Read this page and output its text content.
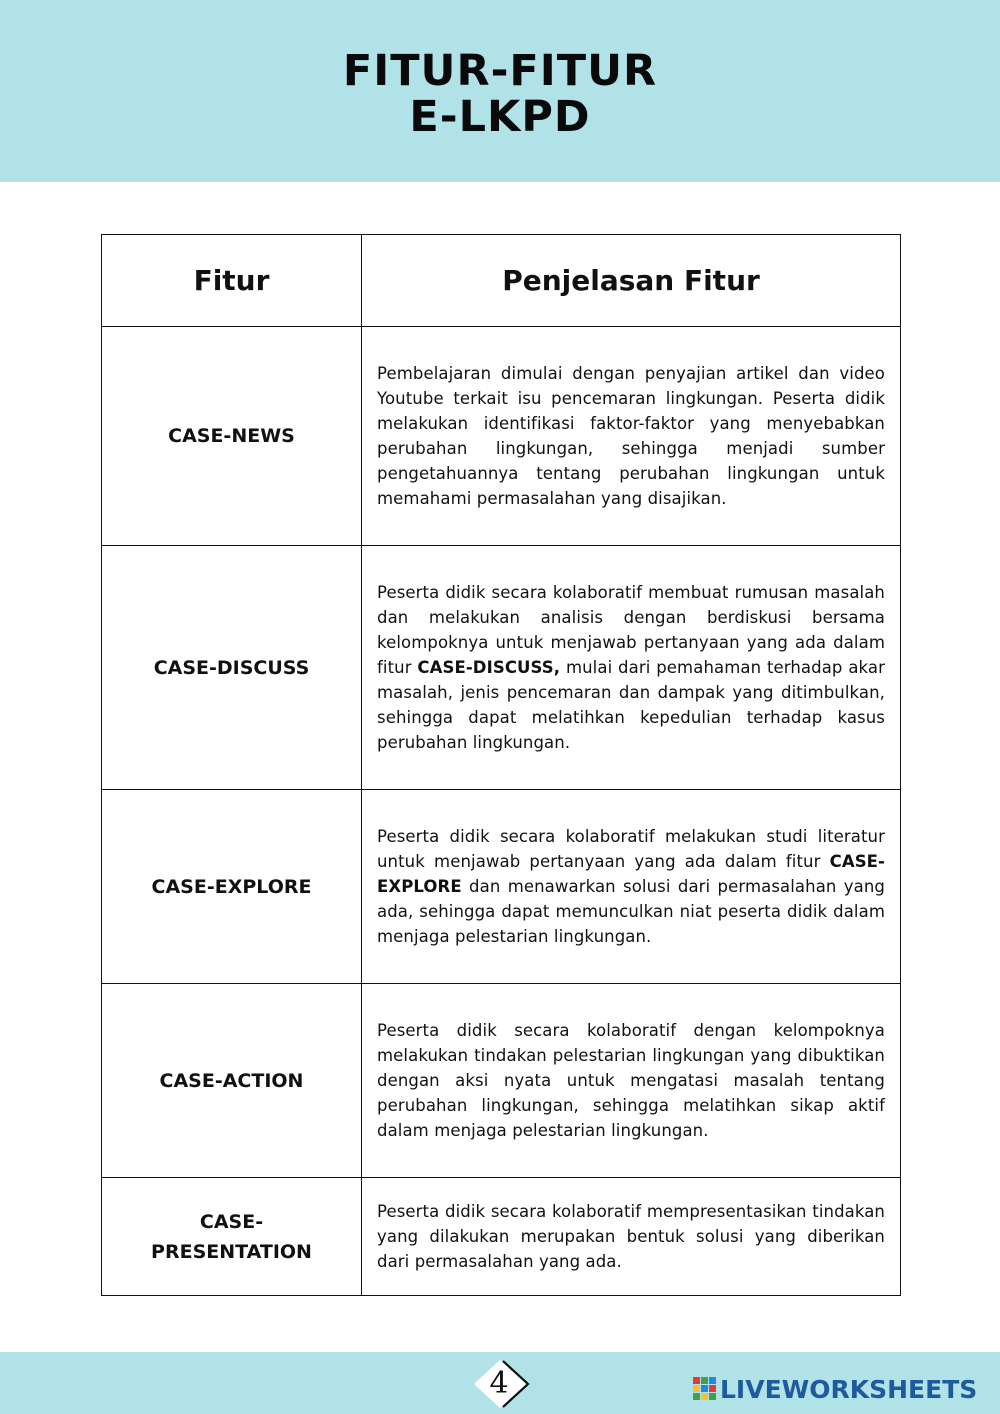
FITUR-FITUR
E-LKPD
Fitur	Penjelasan Fitur
CASE-NEWS	Pembelajaran dimulai dengan penyajian artikel dan video Youtube terkait isu pencemaran lingkungan. Peserta didik melakukan identifikasi faktor-faktor yang menyebabkan perubahan lingkungan, sehingga menjadi sumber pengetahuannya tentang perubahan lingkungan untuk memahami permasalahan yang disajikan.
CASE-DISCUSS	Peserta didik secara kolaboratif membuat rumusan masalah dan melakukan analisis dengan berdiskusi bersama kelompoknya untuk menjawab pertanyaan yang ada dalam fitur CASE-DISCUSS, mulai dari pemahaman terhadap akar masalah, jenis pencemaran dan dampak yang ditimbulkan, sehingga dapat melatihkan kepedulian terhadap kasus perubahan lingkungan.
CASE-EXPLORE	Peserta didik secara kolaboratif melakukan studi literatur untuk menjawab pertanyaan yang ada dalam fitur CASE-EXPLORE dan menawarkan solusi dari permasalahan yang ada, sehingga dapat memunculkan niat peserta didik dalam menjaga pelestarian lingkungan.
CASE-ACTION	Peserta didik secara kolaboratif dengan kelompoknya melakukan tindakan pelestarian lingkungan yang dibuktikan dengan aksi nyata untuk mengatasi masalah tentang perubahan lingkungan, sehingga melatihkan sikap aktif dalam menjaga pelestarian lingkungan.
CASE-
PRESENTATION	Peserta didik secara kolaboratif mempresentasikan tindakan yang dilakukan merupakan bentuk solusi yang diberikan dari permasalahan yang ada.
4	LIVEWORKSHEETS
